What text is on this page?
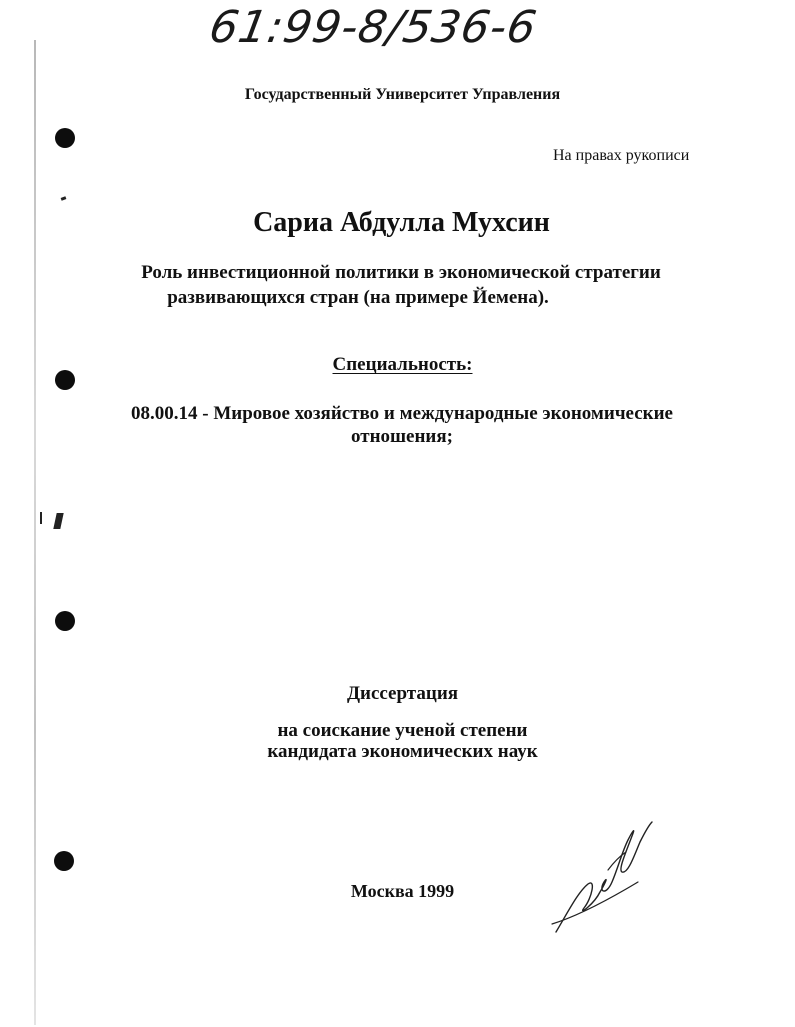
61:99-8/536-6
Государственный Университет Управления
На правах рукописи
Сариа Абдулла Мухсин
Роль инвестиционной политики в экономической стратегии
развивающихся стран (на примере Йемена).
Специальность:
08.00.14 - Мировое хозяйство и международные экономические
отношения;
Диссертация
на соискание ученой степени
кандидата экономических наук
Москва 1999
